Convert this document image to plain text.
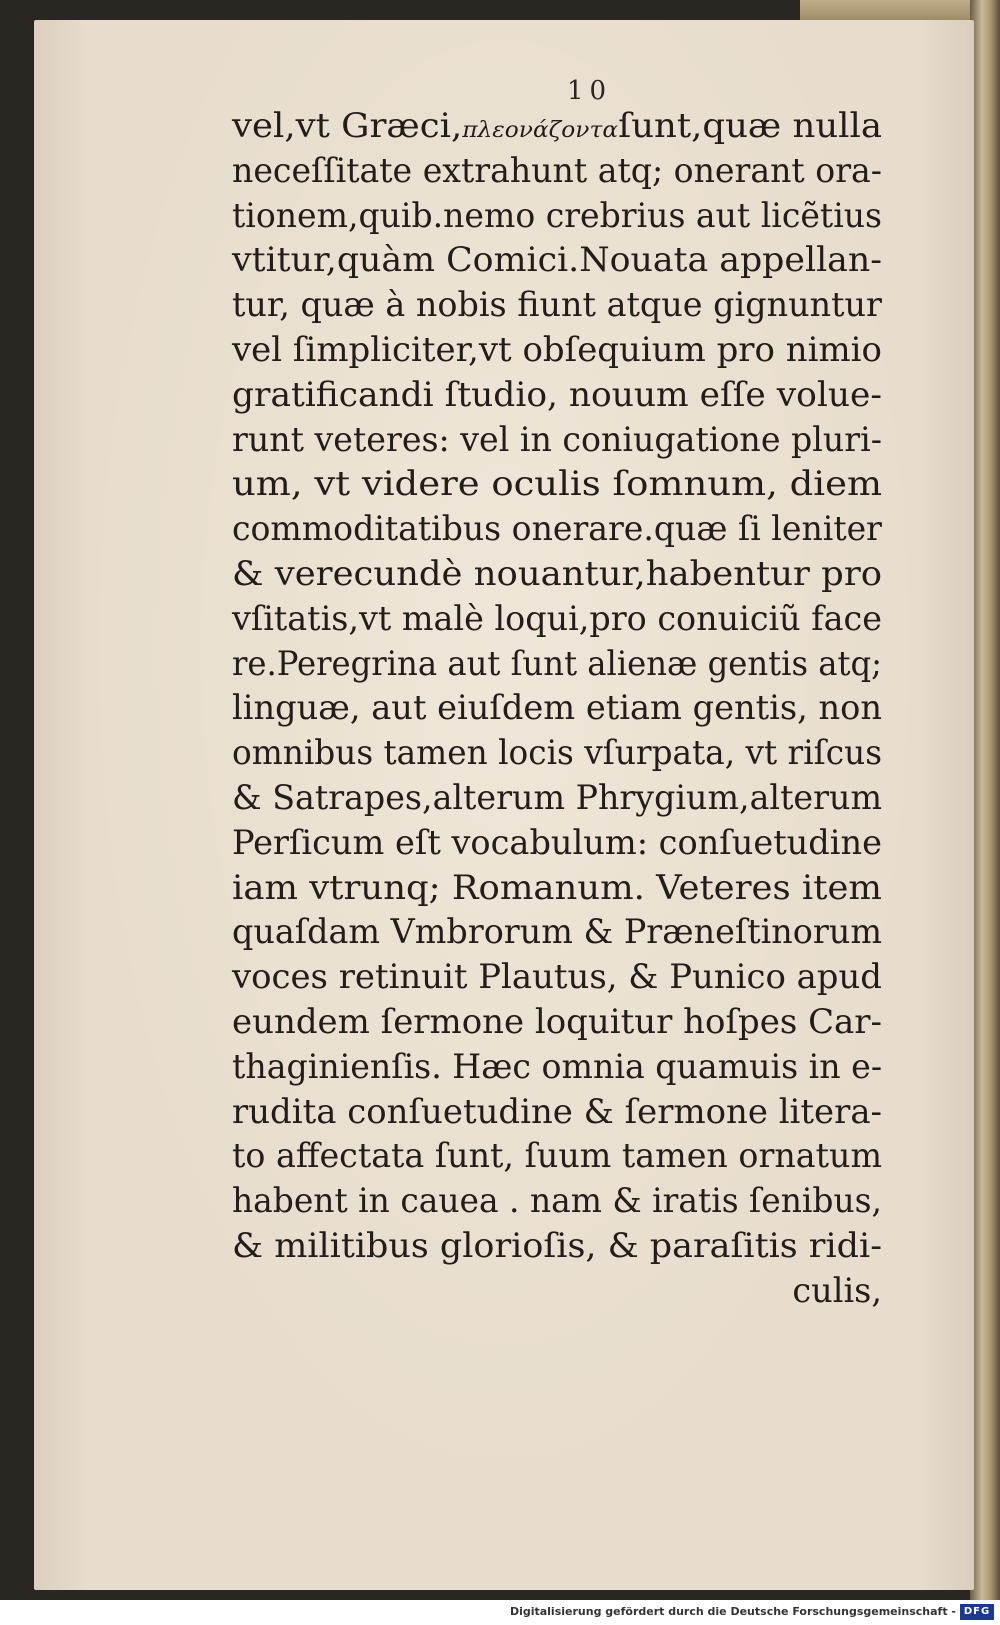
10
vel,vt Græci,πλεονάζονταſunt,quæ nulla
neceſſitate extrahunt atq; onerant ora-
tionem,quib.nemo crebrius aut licẽtius
vtitur,quàm Comici.Nouata appellan-
tur, quæ à nobis fiunt atque gignuntur
vel ſimpliciter,vt obſequium pro nimio
gratificandi ſtudio, nouum eſſe volue-
runt veteres: vel in coniugatione pluri-
um, vt videre oculis ſomnum, diem
commoditatibus onerare.quæ ſi leniter
& verecundè nouantur,habentur pro
vſitatis,vt malè loqui,pro conuiciũ face
re.Peregrina aut ſunt alienæ gentis atq;
linguæ, aut eiuſdem etiam gentis, non
omnibus tamen locis vſurpata, vt riſcus
& Satrapes,alterum Phrygium,alterum
Perſicum eſt vocabulum: conſuetudine
iam vtrunq; Romanum. Veteres item
quaſdam Vmbrorum & Præneſtinorum
voces retinuit Plautus, & Punico apud
eundem ſermone loquitur hoſpes Car-
thaginienſis. Hæc omnia quamuis in e-
rudita conſuetudine & ſermone litera-
to affectata ſunt, ſuum tamen ornatum
habent in cauea . nam & iratis ſenibus,
& militibus glorioſis, & paraſitis ridi-
culis,
Digitalisierung gefördert durch die Deutsche Forschungsgemeinschaft - DFG
